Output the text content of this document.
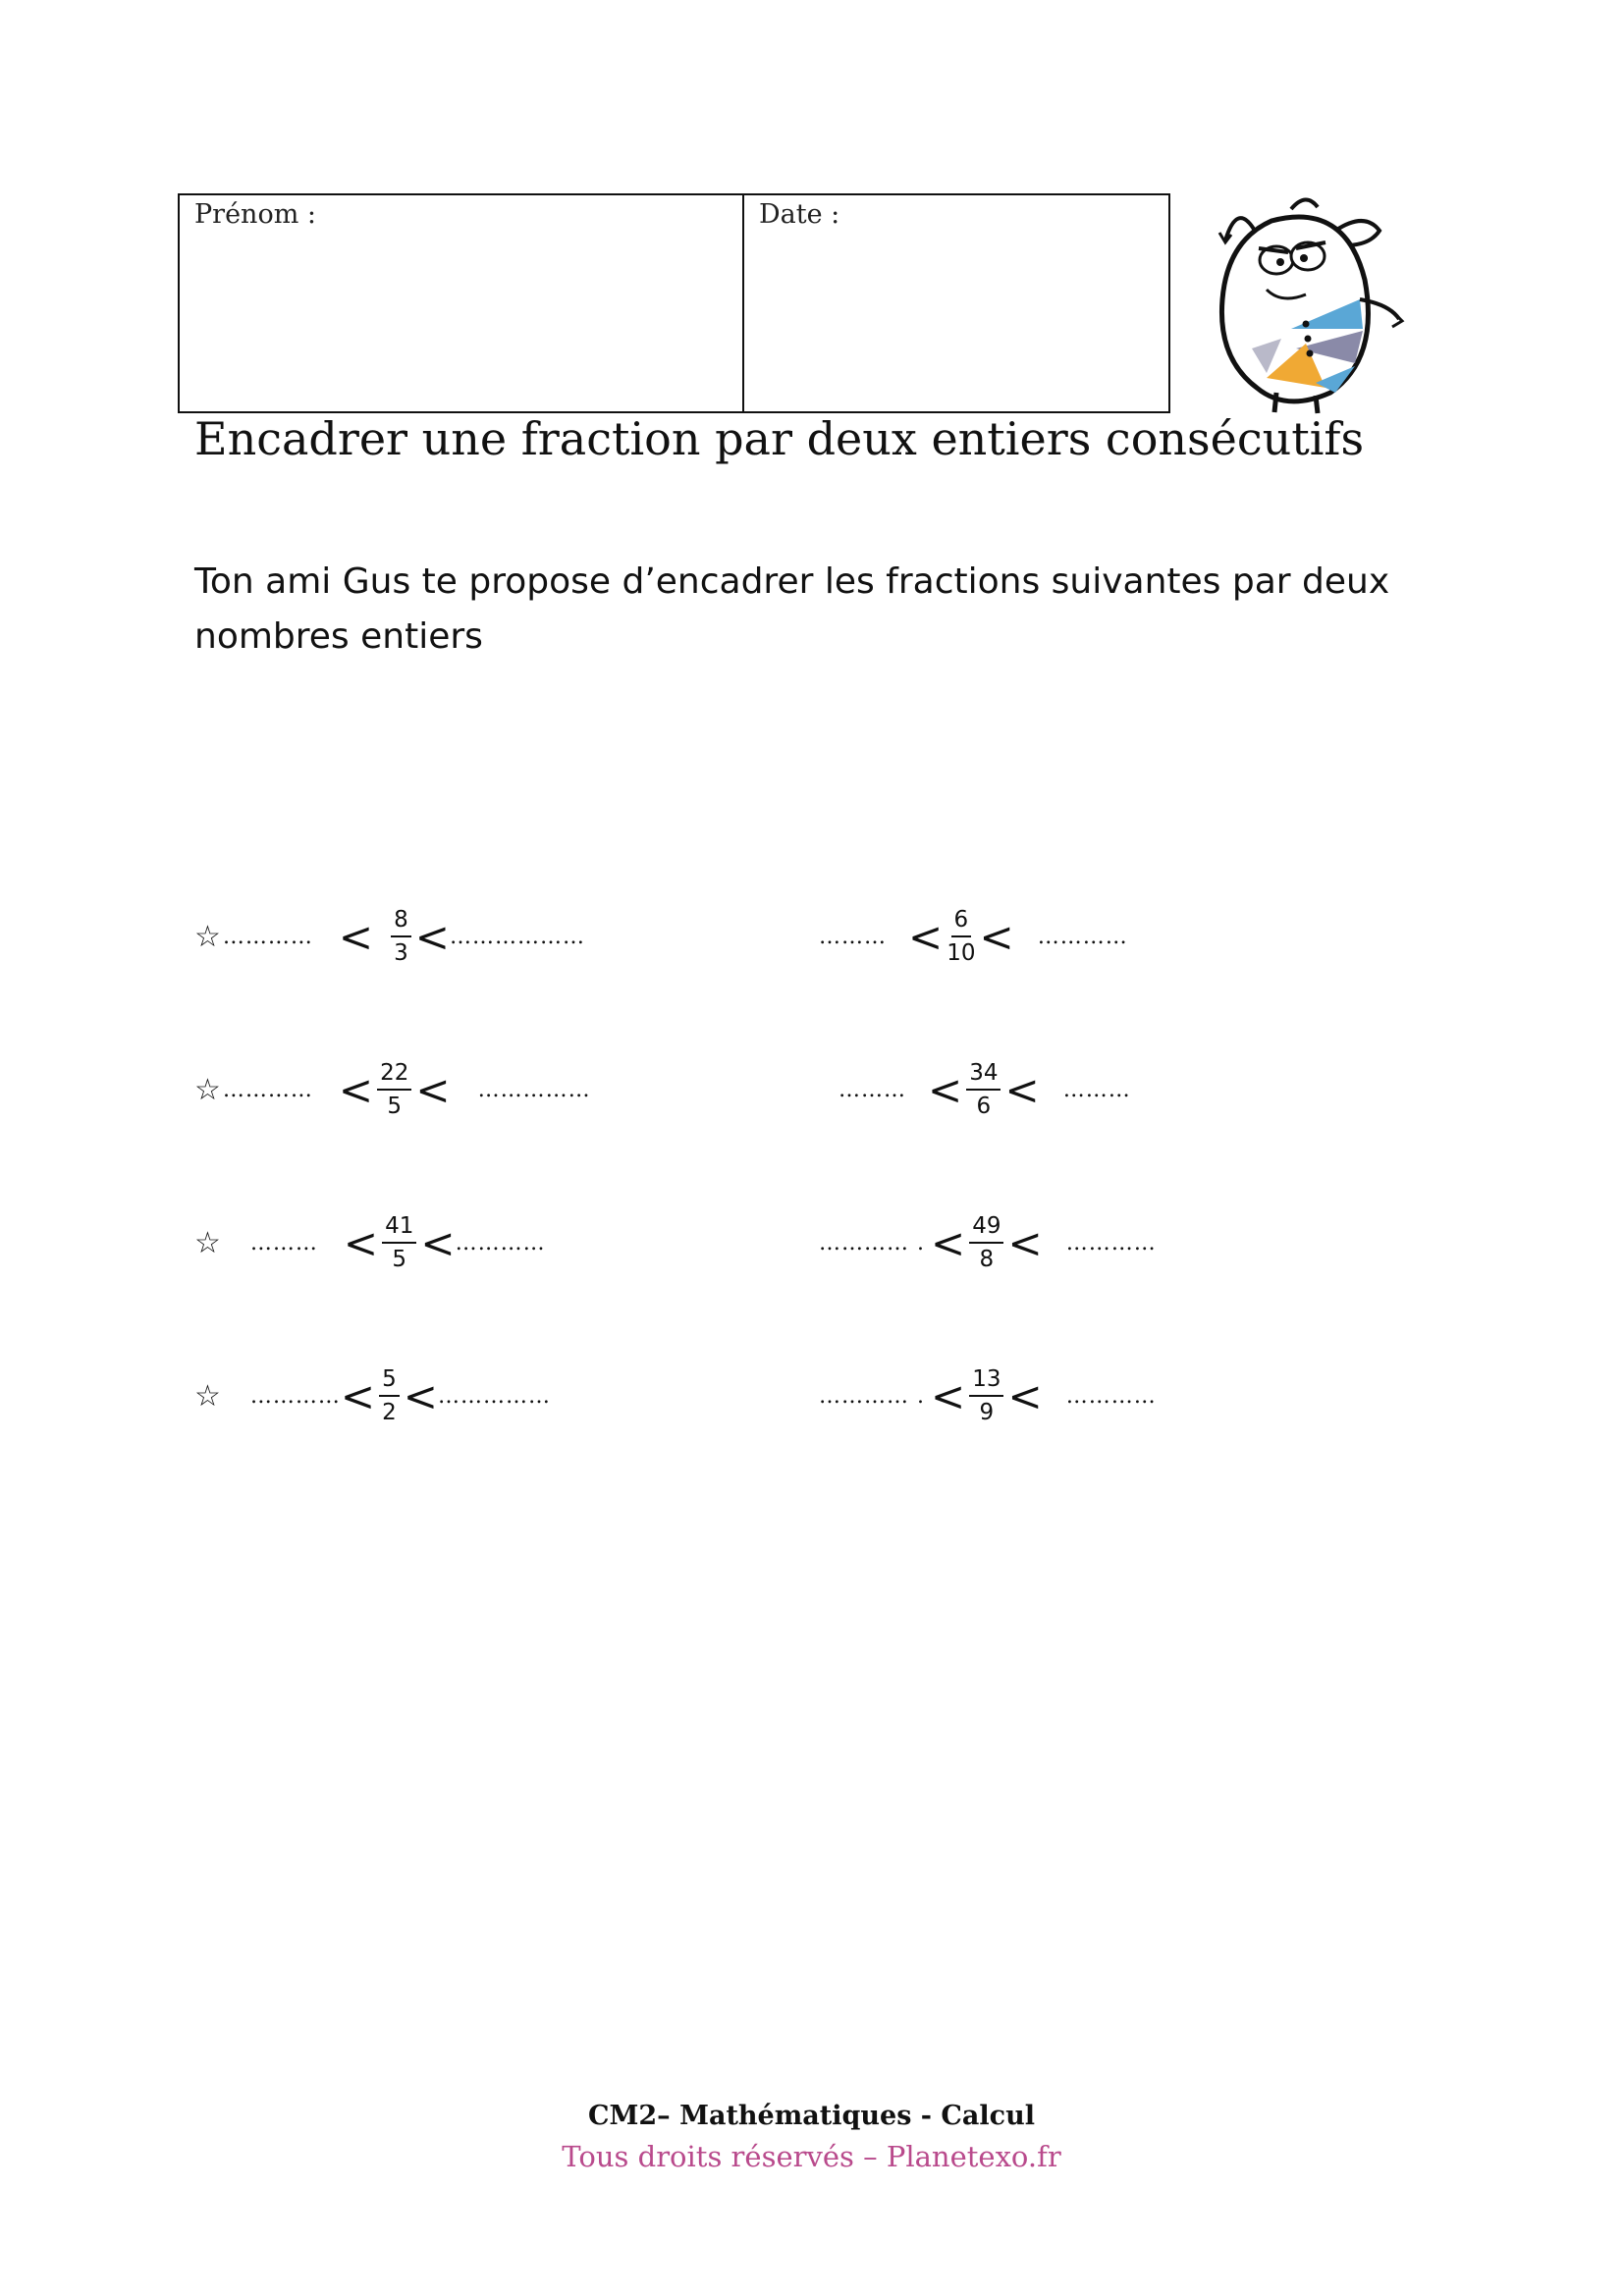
Prénom :	Date :
Encadrer une fraction par deux entiers consécutifs
Ton ami Gus te propose d’encadrer les fractions suivantes par deux
nombres entiers
☆ ………… < $\frac{8}{3}$ < ………………	……… < $\frac{6}{10}$ < …………
☆ ………… < $\frac{22}{5}$ < ……………	……… < $\frac{34}{6}$ < ………
☆ ……… < $\frac{41}{5}$ < …………	………… . < $\frac{49}{8}$ < …………
☆ ………… < $\frac{5}{2}$ < ……………	………… . < $\frac{13}{9}$ < …………
CM2– Mathématiques - Calcul
Tous droits réservés – Planetexo.fr
